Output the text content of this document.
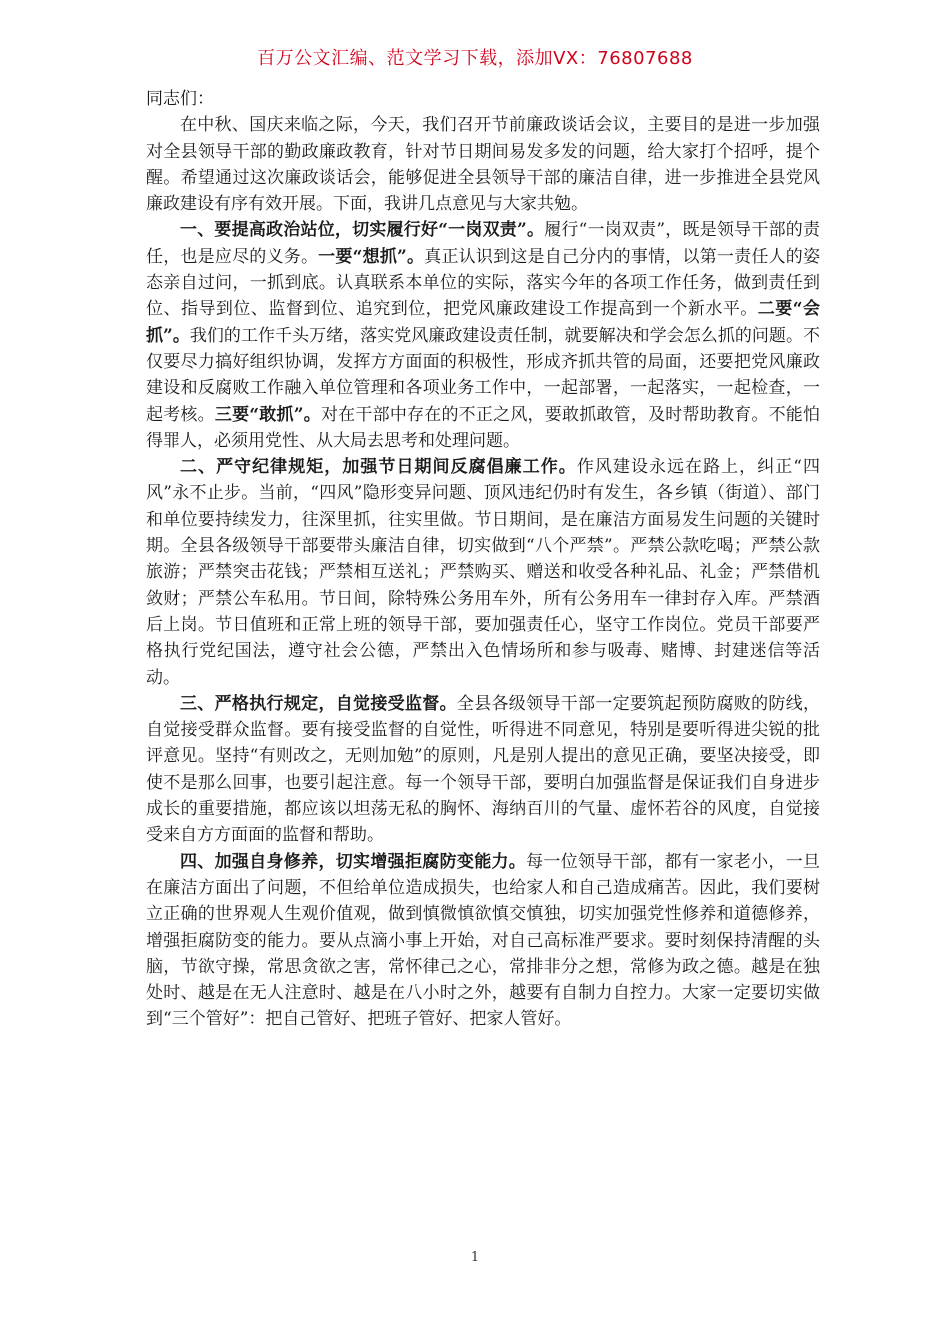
百万公文汇编、范文学习下载，添加VX：76807688

同志们：

在中秋、国庆来临之际，今天，我们召开节前廉政谈话会议，主要目的是进一步加强对全县领导干部的勤政廉政教育，针对节日期间易发多发的问题，给大家打个招呼，提个醒。希望通过这次廉政谈话会，能够促进全县领导干部的廉洁自律，进一步推进全县党风廉政建设有序有效开展。下面，我讲几点意见与大家共勉。

一、要提高政治站位，切实履行好“一岗双责”。履行“一岗双责”，既是领导干部的责任，也是应尽的义务。一要“想抓”。真正认识到这是自己分内的事情，以第一责任人的姿态亲自过问，一抓到底。认真联系本单位的实际，落实今年的各项工作任务，做到责任到位、指导到位、监督到位、追究到位，把党风廉政建设工作提高到一个新水平。二要“会抓”。我们的工作千头万绪，落实党风廉政建设责任制，就要解决和学会怎么抓的问题。不仅要尽力搞好组织协调，发挥方方面面的积极性，形成齐抓共管的局面，还要把党风廉政建设和反腐败工作融入单位管理和各项业务工作中，一起部署，一起落实，一起检查，一起考核。三要“敢抓”。对在干部中存在的不正之风，要敢抓敢管，及时帮助教育。不能怕得罪人，必须用党性、从大局去思考和处理问题。

二、严守纪律规矩，加强节日期间反腐倡廉工作。作风建设永远在路上，纠正“四风”永不止步。当前，“四风”隐形变异问题、顶风违纪仍时有发生，各乡镇（街道）、部门和单位要持续发力，往深里抓，往实里做。节日期间，是在廉洁方面易发生问题的关键时期。全县各级领导干部要带头廉洁自律，切实做到“八个严禁”。严禁公款吃喝；严禁公款旅游；严禁突击花钱；严禁相互送礼；严禁购买、赠送和收受各种礼品、礼金；严禁借机敛财；严禁公车私用。节日间，除特殊公务用车外，所有公务用车一律封存入库。严禁酒后上岗。节日值班和正常上班的领导干部，要加强责任心，坚守工作岗位。党员干部要严格执行党纪国法，遵守社会公德，严禁出入色情场所和参与吸毒、赌博、封建迷信等活动。

三、严格执行规定，自觉接受监督。全县各级领导干部一定要筑起预防腐败的防线，自觉接受群众监督。要有接受监督的自觉性，听得进不同意见，特别是要听得进尖锐的批评意见。坚持“有则改之，无则加勉”的原则，凡是别人提出的意见正确，要坚决接受，即使不是那么回事，也要引起注意。每一个领导干部，要明白加强监督是保证我们自身进步成长的重要措施，都应该以坦荡无私的胸怀、海纳百川的气量、虚怀若谷的风度，自觉接受来自方方面面的监督和帮助。

四、加强自身修养，切实增强拒腐防变能力。每一位领导干部，都有一家老小，一旦在廉洁方面出了问题，不但给单位造成损失，也给家人和自己造成痛苦。因此，我们要树立正确的世界观人生观价值观，做到慎微慎欲慎交慎独，切实加强党性修养和道德修养，增强拒腐防变的能力。要从点滴小事上开始，对自己高标准严要求。要时刻保持清醒的头脑，节欲守操，常思贪欲之害，常怀律己之心，常排非分之想，常修为政之德。越是在独处时、越是在无人注意时、越是在八小时之外，越要有自制力自控力。大家一定要切实做到“三个管好”：把自己管好、把班子管好、把家人管好。

1
